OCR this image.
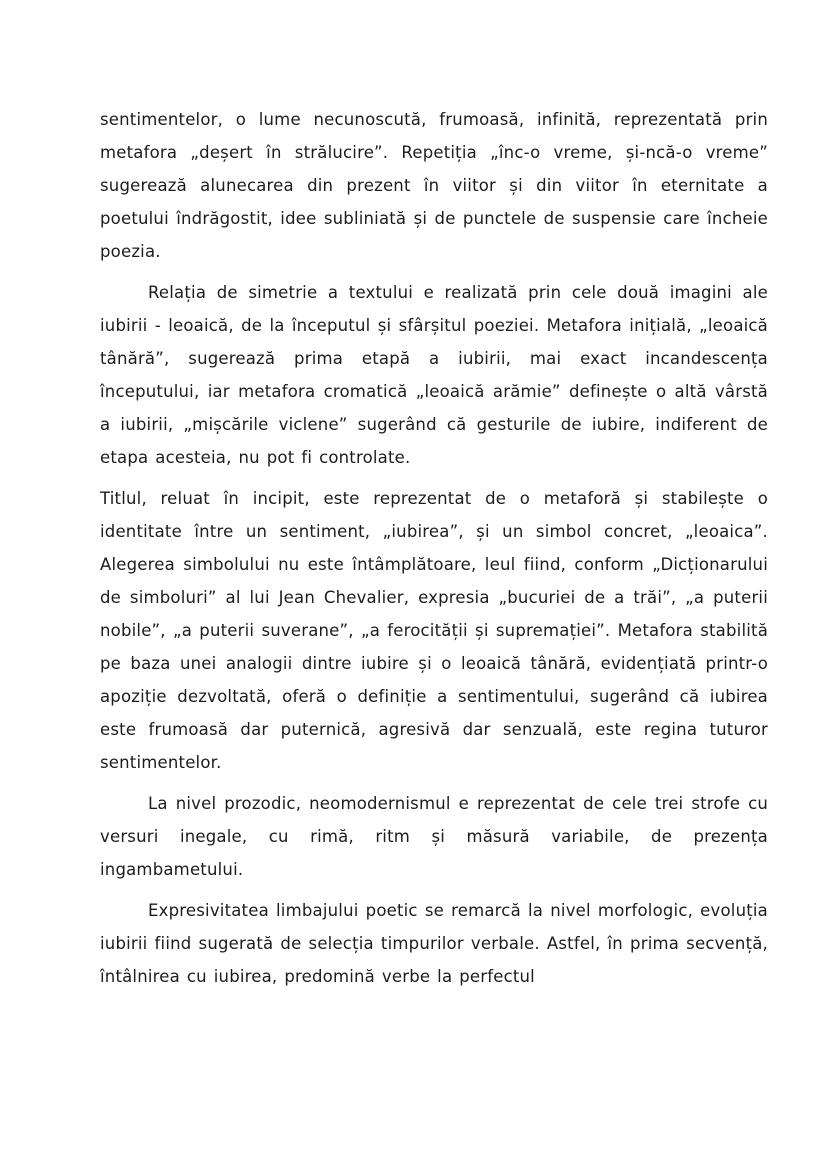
sentimentelor, o lume necunoscută, frumoasă, infinită, reprezentată prin metafora „deșert în strălucire”. Repetiția „înc-o vreme, și-ncă-o vreme” sugerează alunecarea din prezent în viitor și din viitor în eternitate a poetului îndrăgostit, idee subliniată și de punctele de suspensie care încheie poezia.

Relația de simetrie a textului e realizată prin cele două imagini ale iubirii - leoaică, de la începutul și sfârșitul poeziei. Metafora inițială, „leoaică tânără”, sugerează prima etapă a iubirii, mai exact incandescența începutului, iar metafora cromatică „leoaică arămie” definește o altă vârstă a iubirii, „mișcările viclene” sugerând că gesturile de iubire, indiferent de etapa acesteia, nu pot fi controlate.

Titlul, reluat în incipit, este reprezentat de o metaforă și stabilește o identitate între un sentiment, „iubirea”, și un simbol concret, „leoaica”. Alegerea simbolului nu este întâmplătoare, leul fiind, conform „Dicționarului de simboluri” al lui Jean Chevalier, expresia „bucuriei de a trăi”, „a puterii nobile”, „a puterii suverane”, „a ferocității și supremației”. Metafora stabilită pe baza unei analogii dintre iubire și o leoaică tânără, evidențiată printr-o apoziție dezvoltată, oferă o definiție a sentimentului, sugerând că iubirea este frumoasă dar puternică, agresivă dar senzuală, este regina tuturor sentimentelor.

La nivel prozodic, neomodernismul e reprezentat de cele trei strofe cu versuri inegale, cu rimă, ritm și măsură variabile, de prezența ingambametului.

Expresivitatea limbajului poetic se remarcă la nivel morfologic, evoluția iubirii fiind sugerată de selecția timpurilor verbale. Astfel, în prima secvență, întâlnirea cu iubirea, predomină verbe la perfectul
